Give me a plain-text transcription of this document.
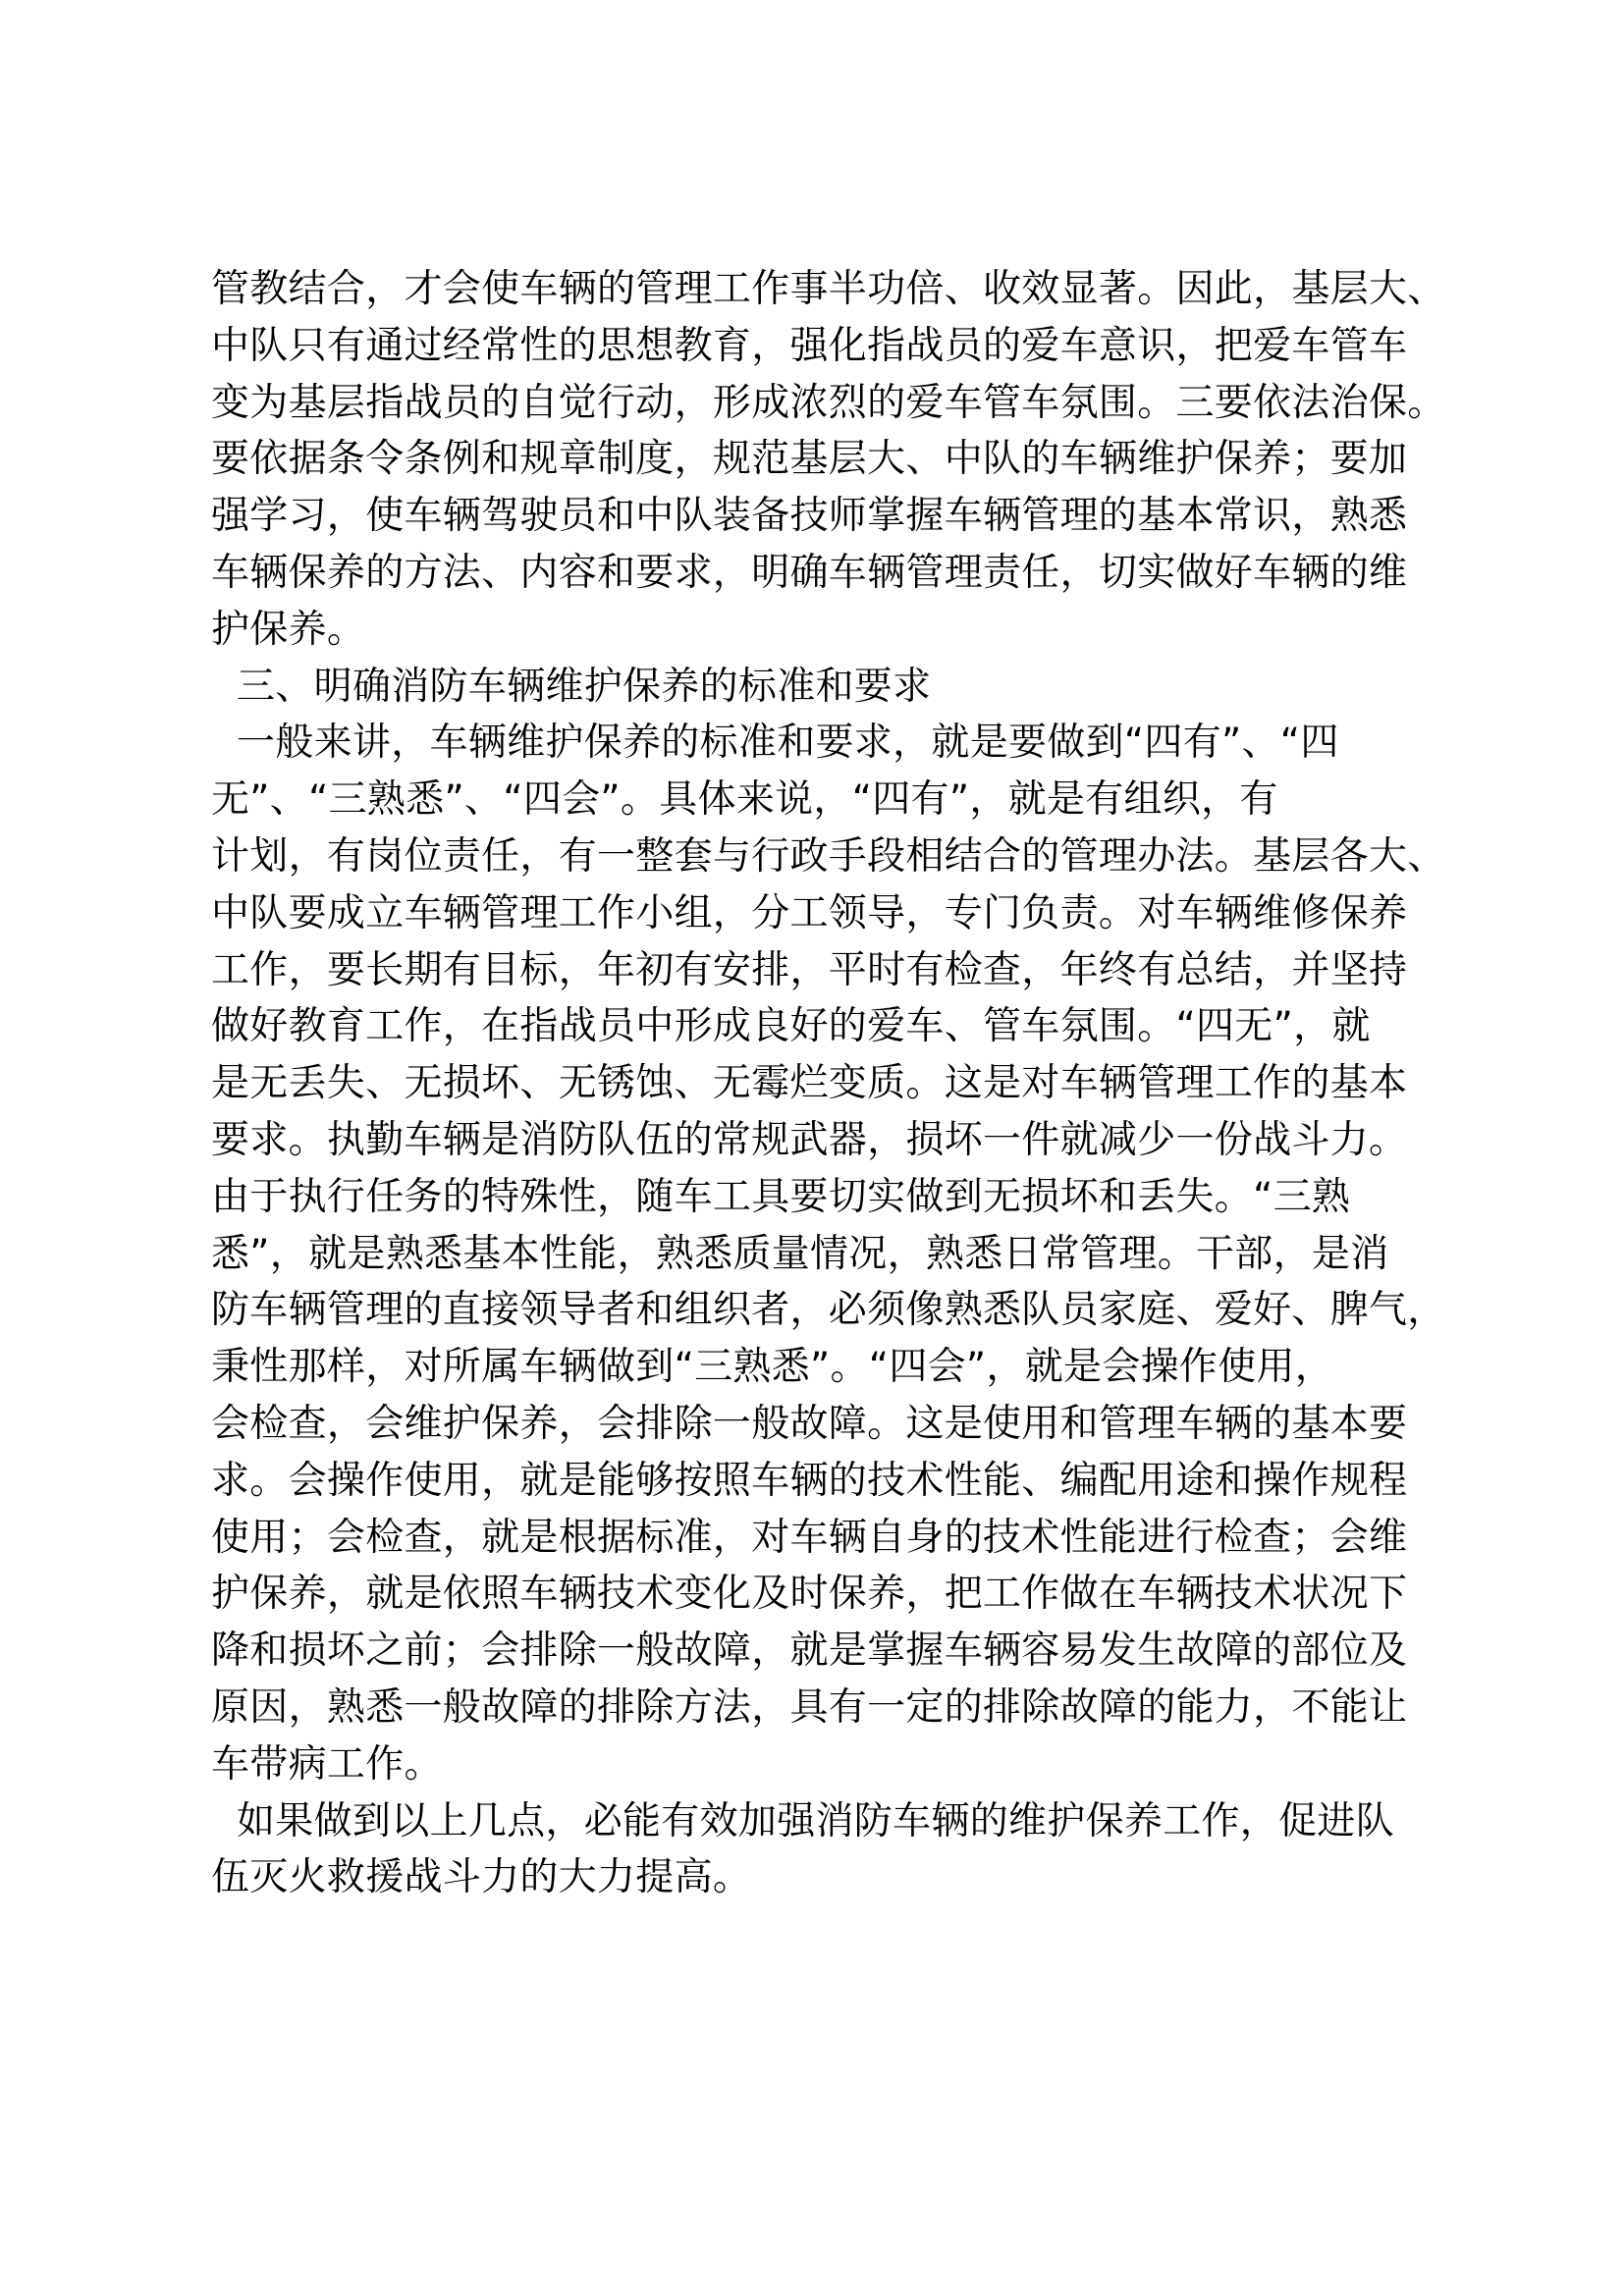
管教结合，才会使车辆的管理工作事半功倍、收效显著。因此，基层大、
中队只有通过经常性的思想教育，强化指战员的爱车意识，把爱车管车
变为基层指战员的自觉行动，形成浓烈的爱车管车氛围。三要依法治保。
要依据条令条例和规章制度，规范基层大、中队的车辆维护保养；要加
强学习，使车辆驾驶员和中队装备技师掌握车辆管理的基本常识，熟悉
车辆保养的方法、内容和要求，明确车辆管理责任，切实做好车辆的维
护保养。
三、明确消防车辆维护保养的标准和要求
一般来讲，车辆维护保养的标准和要求，就是要做到“四有”、“四
无”、“三熟悉”、“四会”。具体来说，“四有”，就是有组织，有
计划，有岗位责任，有一整套与行政手段相结合的管理办法。基层各大、
中队要成立车辆管理工作小组，分工领导，专门负责。对车辆维修保养
工作，要长期有目标，年初有安排，平时有检查，年终有总结，并坚持
做好教育工作，在指战员中形成良好的爱车、管车氛围。“四无”，就
是无丢失、无损坏、无锈蚀、无霉烂变质。这是对车辆管理工作的基本
要求。执勤车辆是消防队伍的常规武器，损坏一件就减少一份战斗力。
由于执行任务的特殊性，随车工具要切实做到无损坏和丢失。“三熟
悉”，就是熟悉基本性能，熟悉质量情况，熟悉日常管理。干部，是消
防车辆管理的直接领导者和组织者，必须像熟悉队员家庭、爱好、脾气，
秉性那样，对所属车辆做到“三熟悉”。“四会”，就是会操作使用，
会检查，会维护保养，会排除一般故障。这是使用和管理车辆的基本要
求。会操作使用，就是能够按照车辆的技术性能、编配用途和操作规程
使用；会检查，就是根据标准，对车辆自身的技术性能进行检查；会维
护保养，就是依照车辆技术变化及时保养，把工作做在车辆技术状况下
降和损坏之前；会排除一般故障，就是掌握车辆容易发生故障的部位及
原因，熟悉一般故障的排除方法，具有一定的排除故障的能力，不能让
车带病工作。
如果做到以上几点，必能有效加强消防车辆的维护保养工作，促进队
伍灭火救援战斗力的大力提高。
